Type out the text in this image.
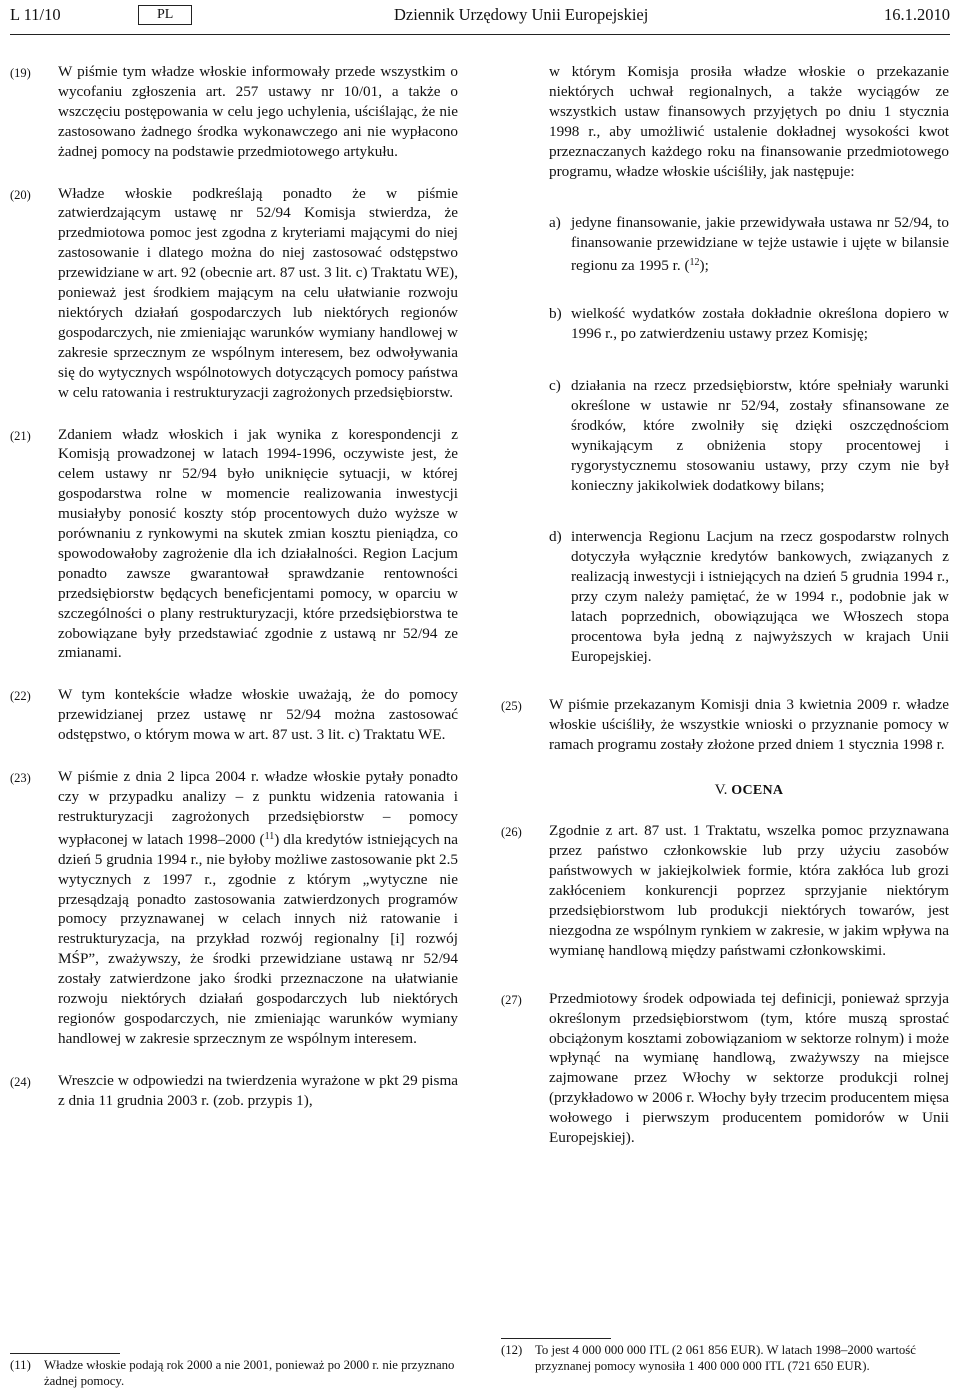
L 11/10	PL	Dziennik Urzędowy Unii Europejskiej	16.1.2010
(19)	W piśmie tym władze włoskie informowały przede wszystkim o wycofaniu zgłoszenia art. 257 ustawy nr 10/01, a także o wszczęciu postępowania w celu jego uchylenia, uściślając, że nie zastosowano żadnego środka wykonawczego ani nie wypłacono żadnej pomocy na podstawie przedmiotowego artykułu.
(20)	Władze włoskie podkreślają ponadto że w piśmie zatwierdzającym ustawę nr 52/94 Komisja stwierdza, że przedmiotowa pomoc jest zgodna z kryteriami mającymi do niej zastosowanie i dlatego można do niej zastosować odstępstwo przewidziane w art. 92 (obecnie art. 87 ust. 3 lit. c) Traktatu WE), ponieważ jest środkiem mającym na celu ułatwianie rozwoju niektórych działań gospodarczych lub niektórych regionów gospodarczych, nie zmieniając warunków wymiany handlowej w zakresie sprzecznym ze wspólnym interesem, bez odwoływania się do wytycznych wspólnotowych dotyczących pomocy państwa w celu ratowania i restrukturyzacji zagrożonych przedsiębiorstw.
(21)	Zdaniem władz włoskich i jak wynika z korespondencji z Komisją prowadzonej w latach 1994-1996, oczywiste jest, że celem ustawy nr 52/94 było uniknięcie sytuacji, w której gospodarstwa rolne w momencie realizowania inwestycji musiałyby ponosić koszty stóp procentowych dużo wyższe w porównaniu z rynkowymi na skutek zmian kosztu pieniądza, co spowodowałoby zagrożenie dla ich działalności. Region Lacjum ponadto zawsze gwarantował sprawdzanie rentowności przedsiębiorstw będących beneficjentami pomocy, w oparciu w szczególności o plany restrukturyzacji, które przedsiębiorstwa te zobowiązane były przedstawiać zgodnie z ustawą nr 52/94 ze zmianami.
(22)	W tym kontekście władze włoskie uważają, że do pomocy przewidzianej przez ustawę nr 52/94 można zastosować odstępstwo, o którym mowa w art. 87 ust. 3 lit. c) Traktatu WE.
(23)	W piśmie z dnia 2 lipca 2004 r. władze włoskie pytały ponadto czy w przypadku analizy – z punktu widzenia ratowania i restrukturyzacji zagrożonych przedsiębiorstw – pomocy wypłaconej w latach 1998–2000 ($^{11}$) dla kredytów istniejących na dzień 5 grudnia 1994 r., nie byłoby możliwe zastosowanie pkt 2.5 wytycznych z 1997 r., zgodnie z którym „wytyczne nie przesądzają ponadto zastosowania zatwierdzonych programów pomocy przyznawanej w celach innych niż ratowanie i restrukturyzacja, na przykład rozwój regionalny [i] rozwój MŚP”, zważywszy, że środki przewidziane ustawą nr 52/94 zostały zatwierdzone jako środki przeznaczone na ułatwianie rozwoju niektórych działań gospodarczych lub niektórych regionów gospodarczych, nie zmieniając warunków wymiany handlowej w zakresie sprzecznym ze wspólnym interesem.
(24)	Wreszcie w odpowiedzi na twierdzenia wyrażone w pkt 29 pisma z dnia 11 grudnia 2003 r. (zob. przypis 1),
(11)	Władze włoskie podają rok 2000 a nie 2001, ponieważ po 2000 r. nie przyznano żadnej pomocy.
w którym Komisja prosiła władze włoskie o przekazanie niektórych uchwał regionalnych, a także wyciągów ze wszystkich ustaw finansowych przyjętych po dniu 1 stycznia 1998 r., aby umożliwić ustalenie dokładnej wysokości kwot przeznaczanych każdego roku na finansowanie przedmiotowego programu, władze włoskie uściśliły, jak następuje:
a) jedyne finansowanie, jakie przewidywała ustawa nr 52/94, to finansowanie przewidziane w tejże ustawie i ujęte w bilansie regionu za 1995 r. ($^{12}$);
b) wielkość wydatków została dokładnie określona dopiero w 1996 r., po zatwierdzeniu ustawy przez Komisję;
c) działania na rzecz przedsiębiorstw, które spełniały warunki określone w ustawie nr 52/94, zostały sfinansowane ze środków, które zwolniły się dzięki oszczędnościom wynikającym z obniżenia stopy procentowej i rygorystycznemu stosowaniu ustawy, przy czym nie był konieczny jakikolwiek dodatkowy bilans;
d) interwencja Regionu Lacjum na rzecz gospodarstw rolnych dotyczyła wyłącznie kredytów bankowych, związanych z realizacją inwestycji i istniejących na dzień 5 grudnia 1994 r., przy czym należy pamiętać, że w 1994 r., podobnie jak w latach poprzednich, obowiązująca we Włoszech stopa procentowa była jedną z najwyższych w krajach Unii Europejskiej.
(25)	W piśmie przekazanym Komisji dnia 3 kwietnia 2009 r. władze włoskie uściśliły, że wszystkie wnioski o przyznanie pomocy w ramach programu zostały złożone przed dniem 1 stycznia 1998 r.
V. OCENA
(26)	Zgodnie z art. 87 ust. 1 Traktatu, wszelka pomoc przyznawana przez państwo członkowskie lub przy użyciu zasobów państwowych w jakiejkolwiek formie, która zakłóca lub grozi zakłóceniem konkurencji poprzez sprzyjanie niektórym przedsiębiorstwom lub produkcji niektórych towarów, jest niezgodna ze wspólnym rynkiem w zakresie, w jakim wpływa na wymianę handlową między państwami członkowskimi.
(27)	Przedmiotowy środek odpowiada tej definicji, ponieważ sprzyja określonym przedsiębiorstwom (tym, które muszą sprostać obciążonym kosztami zobowiązaniom w sektorze rolnym) i może wpłynąć na wymianę handlową, zważywszy na miejsce zajmowane przez Włochy w sektorze produkcji rolnej (przykładowo w 2006 r. Włochy były trzecim producentem mięsa wołowego i pierwszym producentem pomidorów w Unii Europejskiej).
(12) To jest 4 000 000 000 ITL (2 061 856 EUR). W latach 1998–2000 wartość przyznanej pomocy wynosiła 1 400 000 000 ITL (721 650 EUR).
